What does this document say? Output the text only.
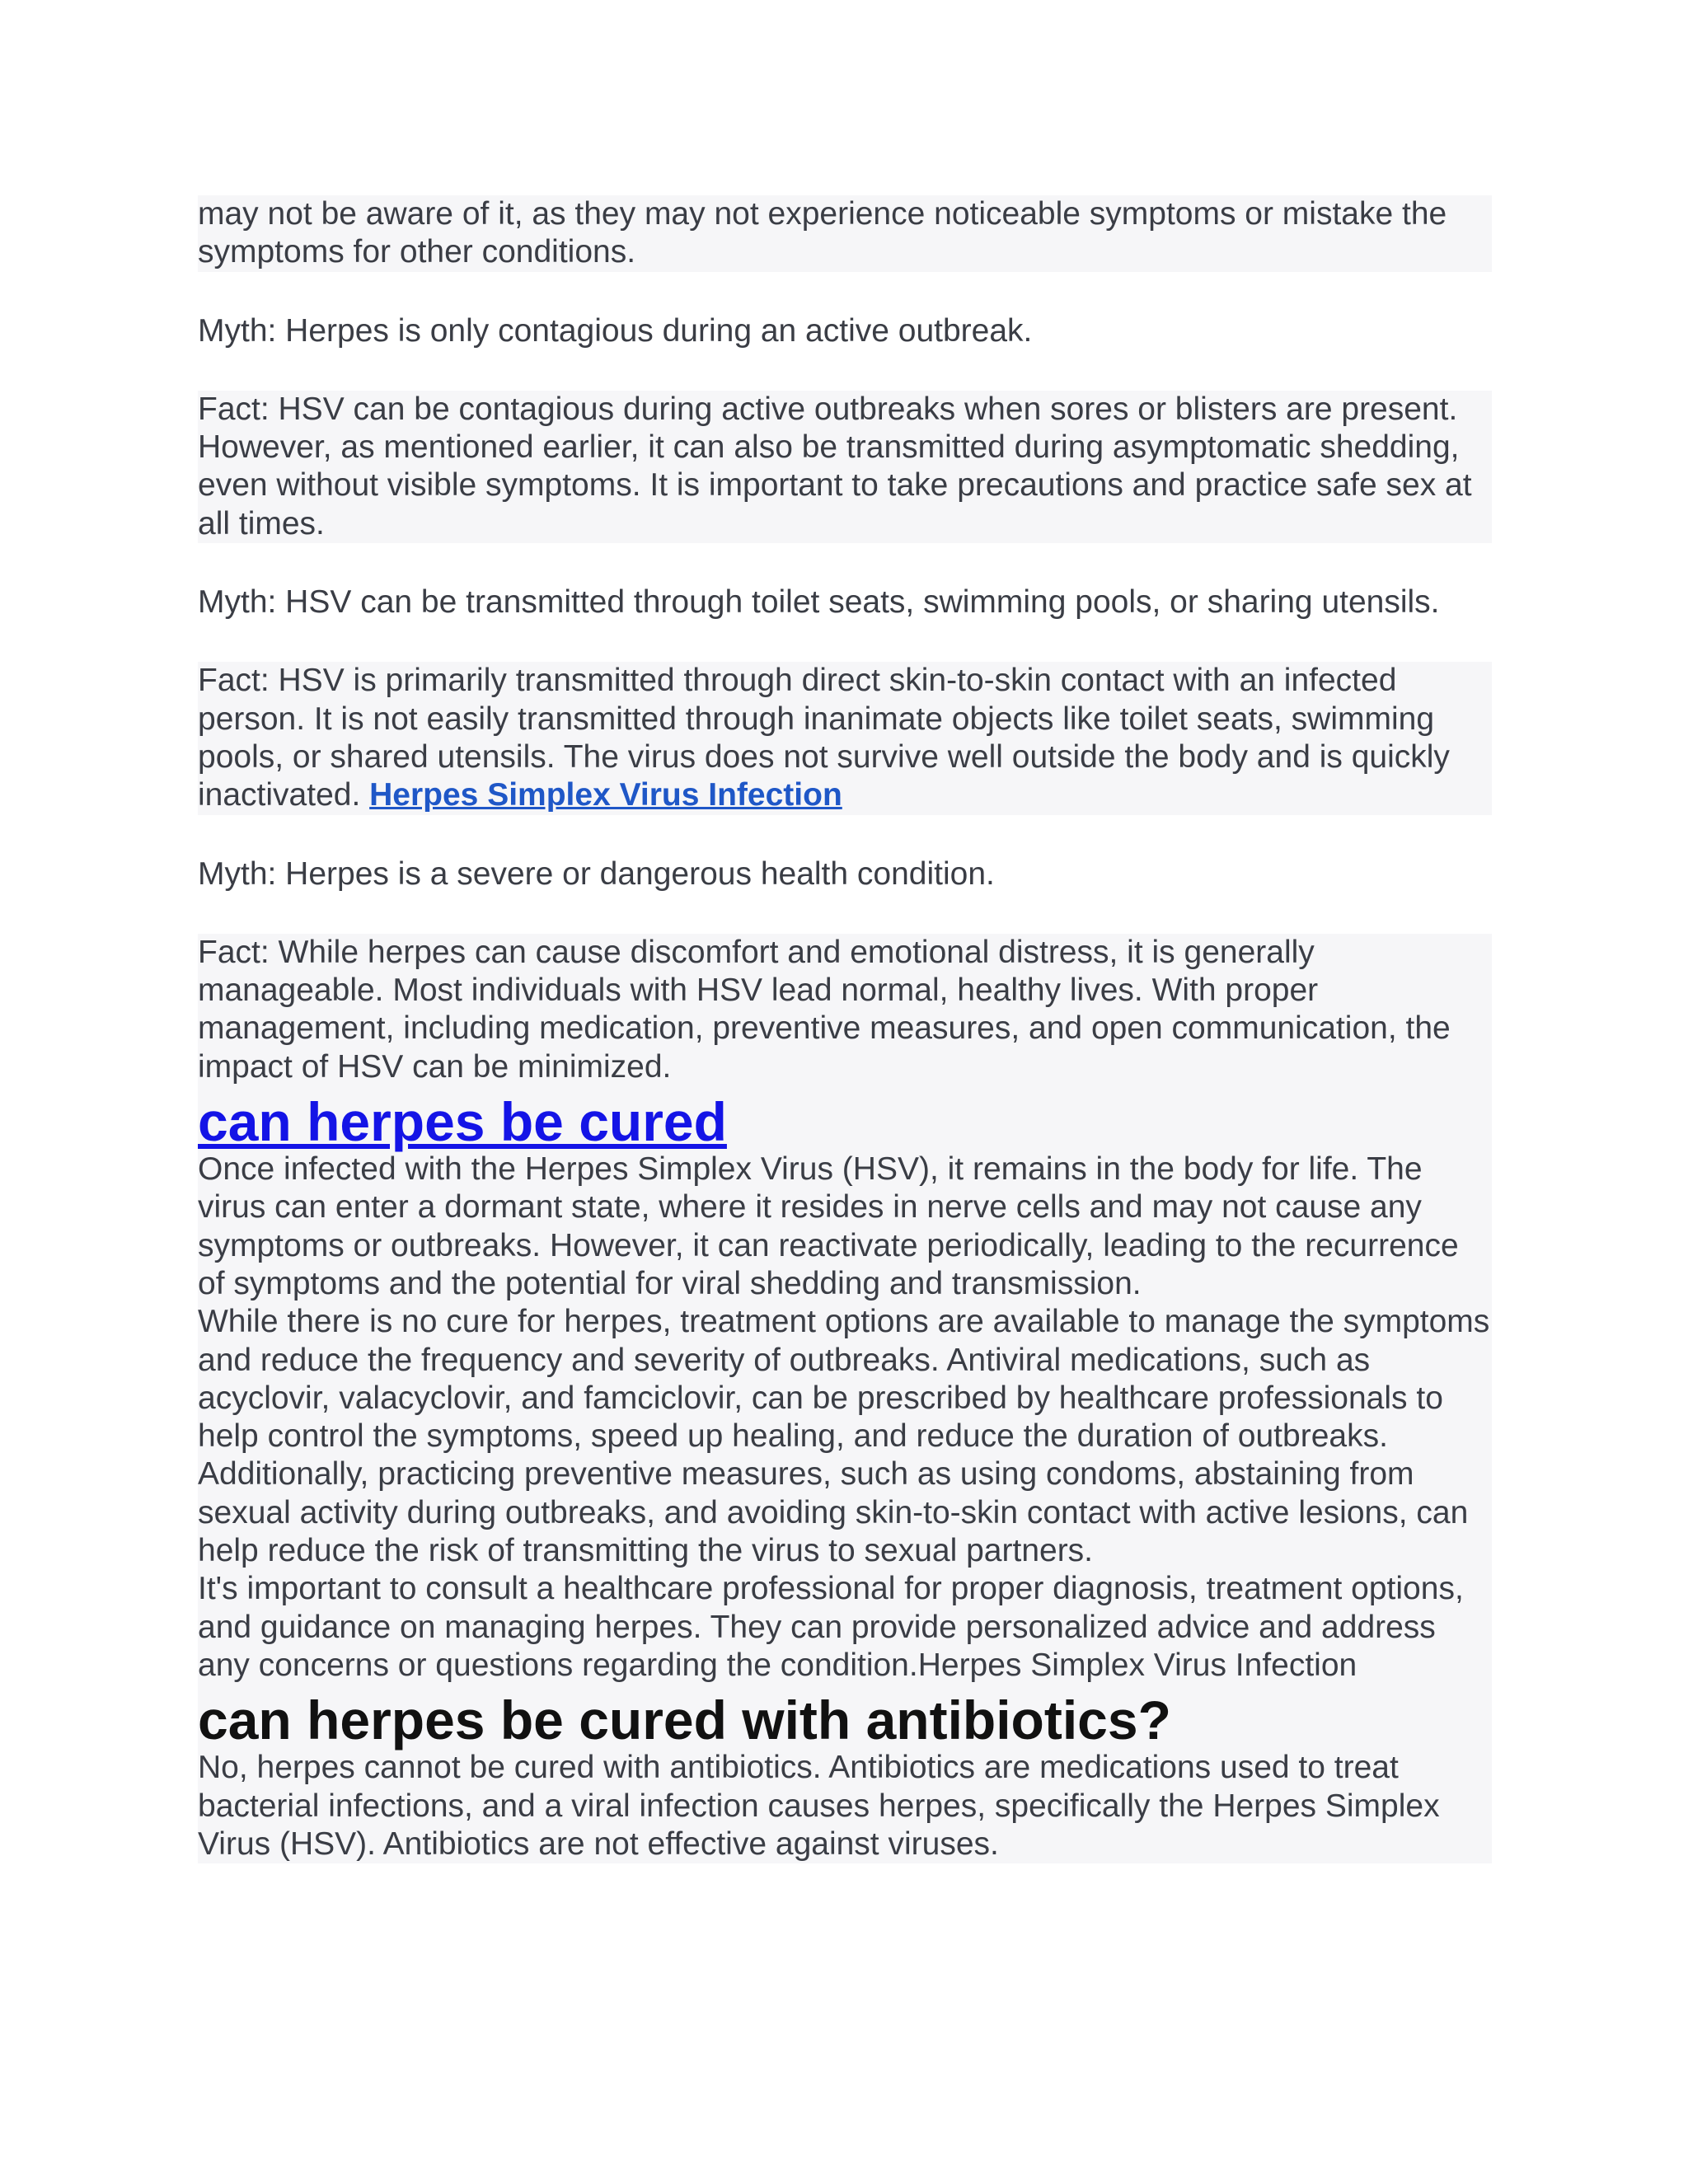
may not be aware of it, as they may not experience noticeable symptoms or mistake the symptoms for other conditions.
Myth: Herpes is only contagious during an active outbreak.
Fact: HSV can be contagious during active outbreaks when sores or blisters are present. However, as mentioned earlier, it can also be transmitted during asymptomatic shedding, even without visible symptoms. It is important to take precautions and practice safe sex at all times.
Myth: HSV can be transmitted through toilet seats, swimming pools, or sharing utensils.
Fact: HSV is primarily transmitted through direct skin-to-skin contact with an infected person. It is not easily transmitted through inanimate objects like toilet seats, swimming pools, or shared utensils. The virus does not survive well outside the body and is quickly inactivated. Herpes Simplex Virus Infection
Myth: Herpes is a severe or dangerous health condition.
Fact: While herpes can cause discomfort and emotional distress, it is generally manageable. Most individuals with HSV lead normal, healthy lives. With proper management, including medication, preventive measures, and open communication, the impact of HSV can be minimized.
can herpes be cured
Once infected with the Herpes Simplex Virus (HSV), it remains in the body for life. The virus can enter a dormant state, where it resides in nerve cells and may not cause any symptoms or outbreaks. However, it can reactivate periodically, leading to the recurrence of symptoms and the potential for viral shedding and transmission.
While there is no cure for herpes, treatment options are available to manage the symptoms and reduce the frequency and severity of outbreaks. Antiviral medications, such as acyclovir, valacyclovir, and famciclovir, can be prescribed by healthcare professionals to help control the symptoms, speed up healing, and reduce the duration of outbreaks.
Additionally, practicing preventive measures, such as using condoms, abstaining from sexual activity during outbreaks, and avoiding skin-to-skin contact with active lesions, can help reduce the risk of transmitting the virus to sexual partners.
It's important to consult a healthcare professional for proper diagnosis, treatment options, and guidance on managing herpes. They can provide personalized advice and address any concerns or questions regarding the condition.Herpes Simplex Virus Infection
can herpes be cured with antibiotics?
No, herpes cannot be cured with antibiotics. Antibiotics are medications used to treat bacterial infections, and a viral infection causes herpes, specifically the Herpes Simplex Virus (HSV). Antibiotics are not effective against viruses.
